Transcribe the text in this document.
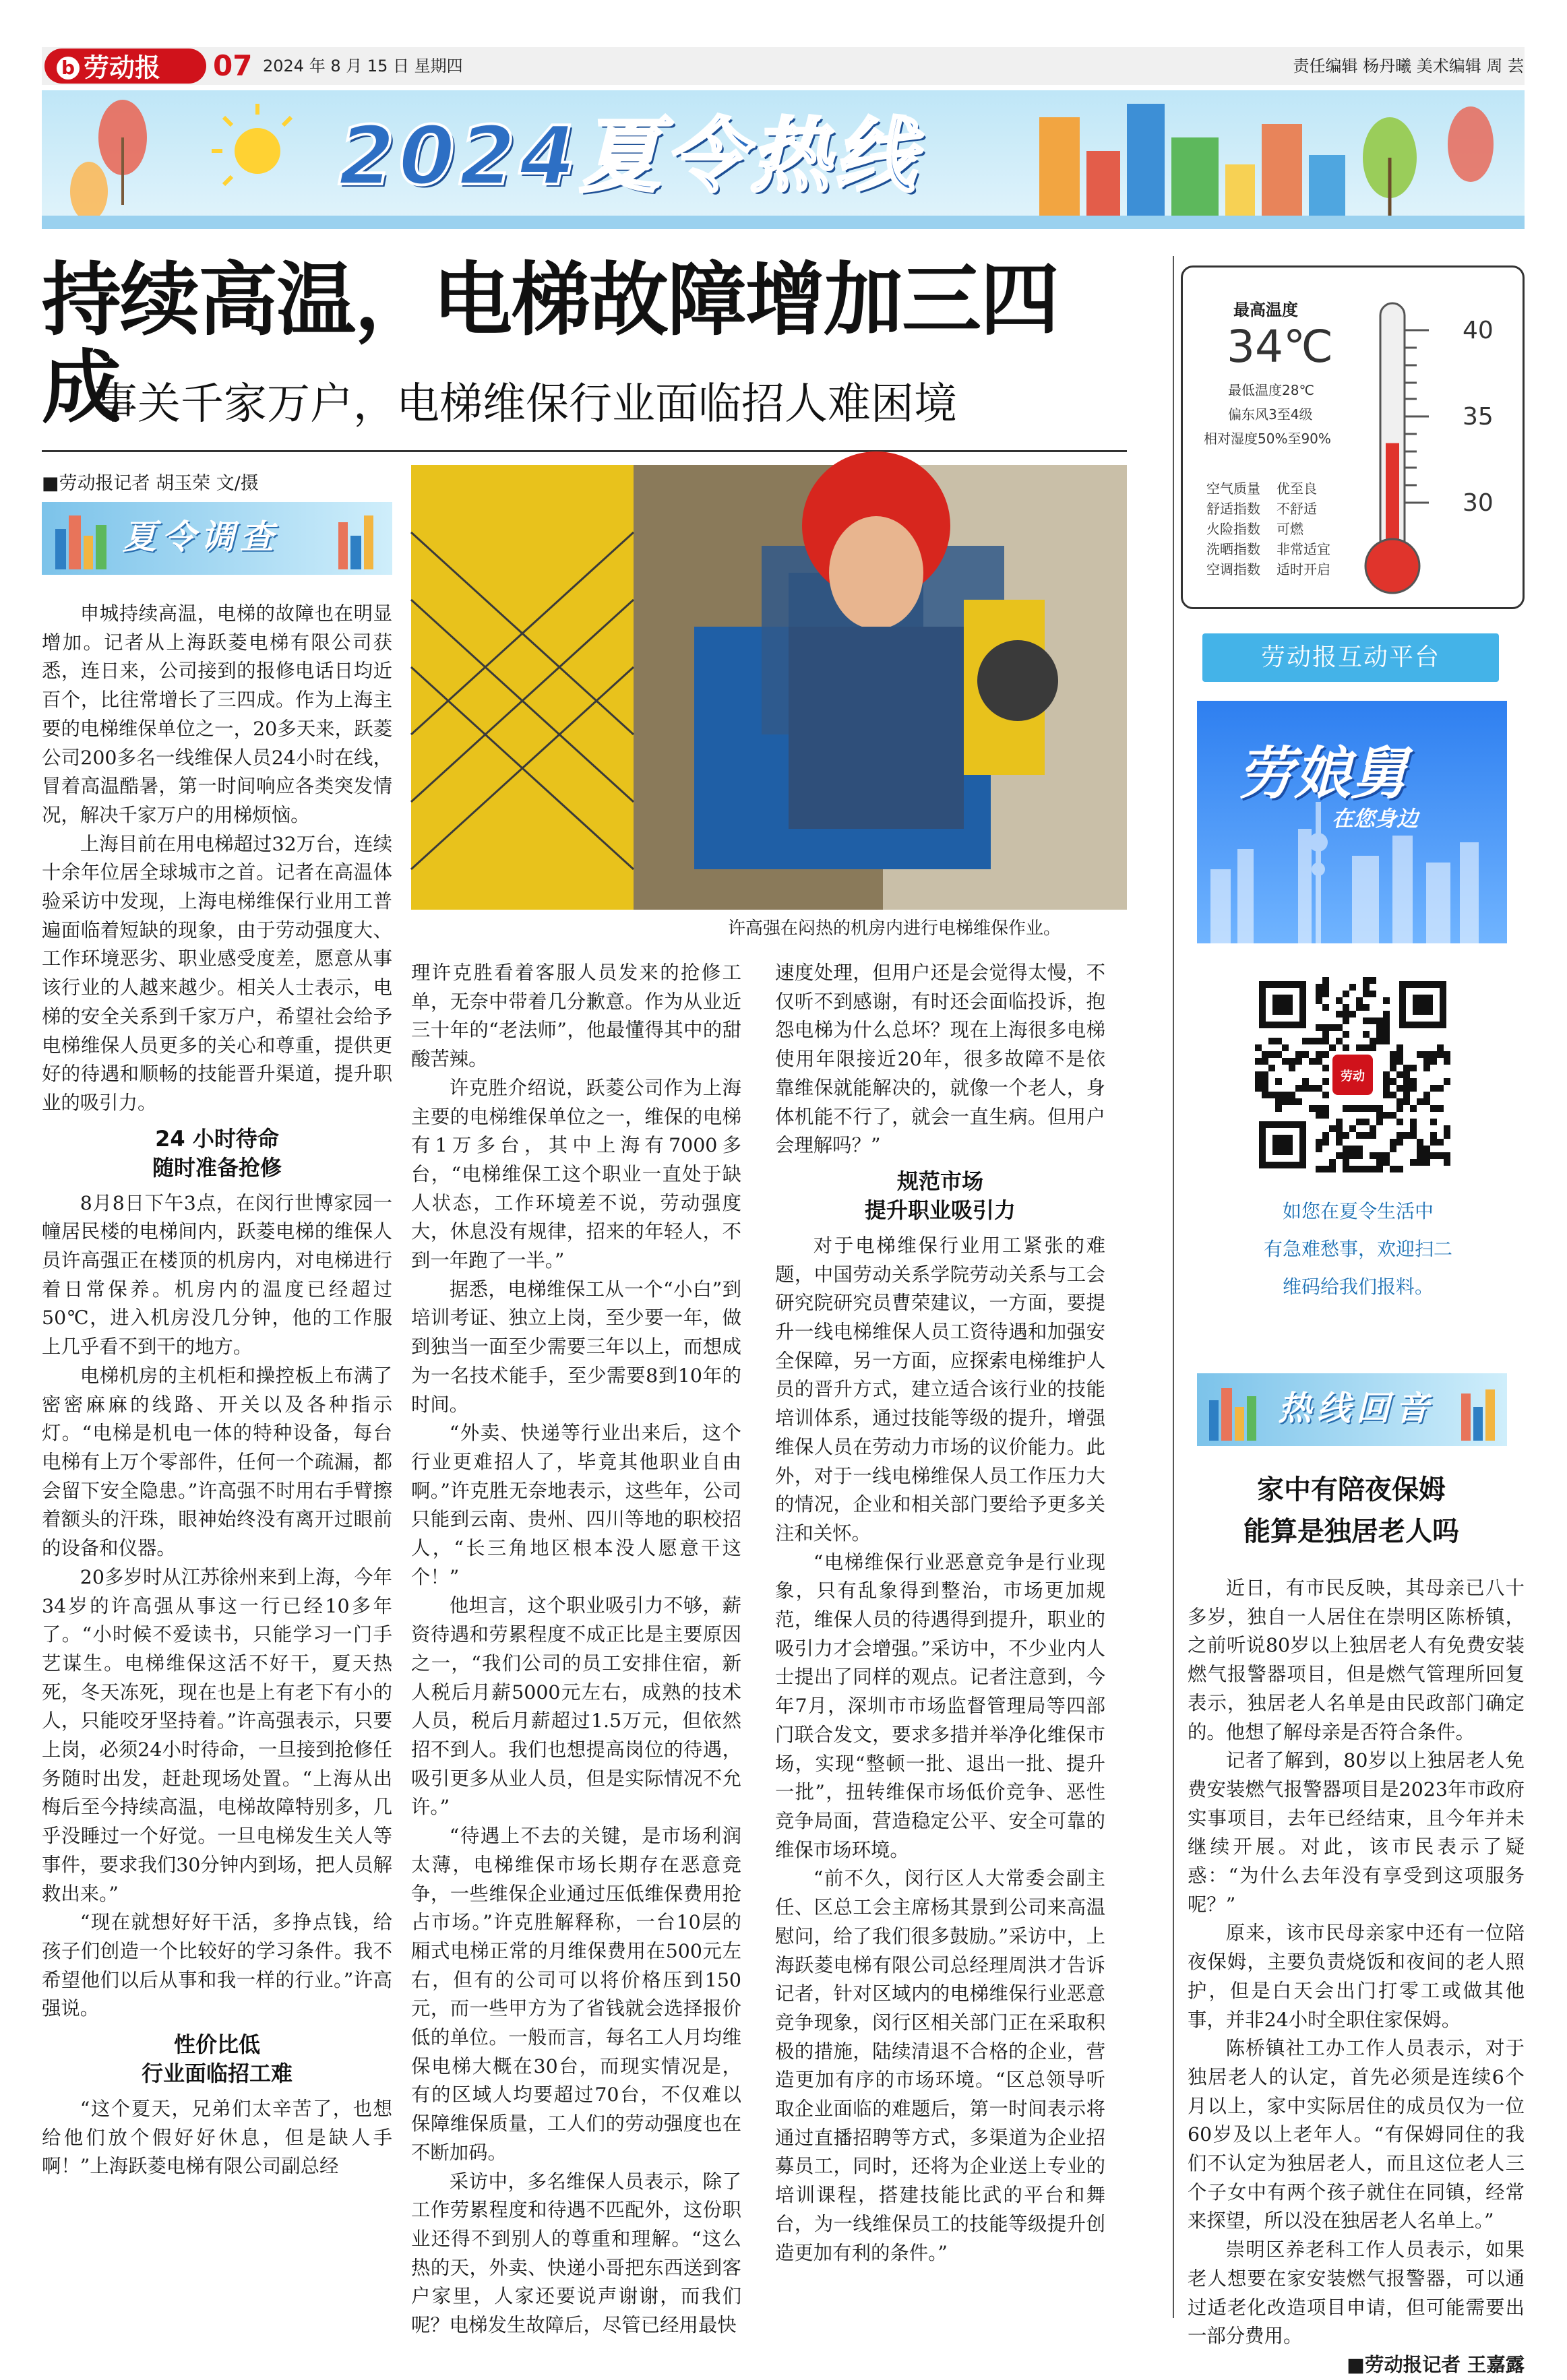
b 劳动报	07 2024 年 8 月 15 日 星期四	责任编辑 杨丹曦 美术编辑 周 芸
2024夏令热线
持续高温，电梯故障增加三四成
事关千家万户，电梯维保行业面临招人难困境
■劳动报记者 胡玉荣 文/摄
夏令调查

申城持续高温，电梯的故障也在明显增加。记者从上海跃菱电梯有限公司获悉，连日来，公司接到的报修电话日均近百个，比往常增长了三四成。作为上海主要的电梯维保单位之一，20多天来，跃菱公司200多名一线维保人员24小时在线，冒着高温酷暑，第一时间响应各类突发情况，解决千家万户的用梯烦恼。

上海目前在用电梯超过32万台，连续十余年位居全球城市之首。记者在高温体验采访中发现，上海电梯维保行业用工普遍面临着短缺的现象，由于劳动强度大、工作环境恶劣、职业感受度差，愿意从事该行业的人越来越少。相关人士表示，电梯的安全关系到千家万户，希望社会给予电梯维保人员更多的关心和尊重，提供更好的待遇和顺畅的技能晋升渠道，提升职业的吸引力。

24 小时待命
随时准备抢修

8月8日下午3点，在闵行世博家园一幢居民楼的电梯间内，跃菱电梯的维保人员许高强正在楼顶的机房内，对电梯进行着日常保养。机房内的温度已经超过50℃，进入机房没几分钟，他的工作服上几乎看不到干的地方。

电梯机房的主机柜和操控板上布满了密密麻麻的线路、开关以及各种指示灯。“电梯是机电一体的特种设备，每台电梯有上万个零部件，任何一个疏漏，都会留下安全隐患。”许高强不时用右手臂擦着额头的汗珠，眼神始终没有离开过眼前的设备和仪器。

20多岁时从江苏徐州来到上海，今年34岁的许高强从事这一行已经10多年了。“小时候不爱读书，只能学习一门手艺谋生。电梯维保这活不好干，夏天热死，冬天冻死，现在也是上有老下有小的人，只能咬牙坚持着。”许高强表示，只要上岗，必须24小时待命，一旦接到抢修任务随时出发，赶赴现场处置。“上海从出梅后至今持续高温，电梯故障特别多，几乎没睡过一个好觉。一旦电梯发生关人等事件，要求我们30分钟内到场，把人员解救出来。”

“现在就想好好干活，多挣点钱，给孩子们创造一个比较好的学习条件。我不希望他们以后从事和我一样的行业。”许高强说。

性价比低
行业面临招工难

“这个夏天，兄弟们太辛苦了，也想给他们放个假好好休息，但是缺人手啊！”上海跃菱电梯有限公司副总经

许高强在闷热的机房内进行电梯维保作业。

理许克胜看着客服人员发来的抢修工单，无奈中带着几分歉意。作为从业近三十年的“老法师”，他最懂得其中的甜酸苦辣。

许克胜介绍说，跃菱公司作为上海主要的电梯维保单位之一，维保的电梯有1万多台，其中上海有7000多台，“电梯维保工这个职业一直处于缺人状态，工作环境差不说，劳动强度大，休息没有规律，招来的年轻人，不到一年跑了一半。”

据悉，电梯维保工从一个“小白”到培训考证、独立上岗，至少要一年，做到独当一面至少需要三年以上，而想成为一名技术能手，至少需要8到10年的时间。

“外卖、快递等行业出来后，这个行业更难招人了，毕竟其他职业自由啊。”许克胜无奈地表示，这些年，公司只能到云南、贵州、四川等地的职校招人，“长三角地区根本没人愿意干这个！”

他坦言，这个职业吸引力不够，薪资待遇和劳累程度不成正比是主要原因之一，“我们公司的员工安排住宿，新人税后月薪5000元左右，成熟的技术人员，税后月薪超过1.5万元，但依然招不到人。我们也想提高岗位的待遇，吸引更多从业人员，但是实际情况不允许。”

“待遇上不去的关键，是市场利润太薄，电梯维保市场长期存在恶意竞争，一些维保企业通过压低维保费用抢占市场。”许克胜解释称，一台10层的厢式电梯正常的月维保费用在500元左右，但有的公司可以将价格压到150元，而一些甲方为了省钱就会选择报价低的单位。一般而言，每名工人月均维保电梯大概在30台，而现实情况是，有的区域人均要超过70台，不仅难以保障维保质量，工人们的劳动强度也在不断加码。

采访中，多名维保人员表示，除了工作劳累程度和待遇不匹配外，这份职业还得不到别人的尊重和理解。“这么热的天，外卖、快递小哥把东西送到客户家里，人家还要说声谢谢，而我们呢？电梯发生故障后，尽管已经用最快

速度处理，但用户还是会觉得太慢，不仅听不到感谢，有时还会面临投诉，抱怨电梯为什么总坏？现在上海很多电梯使用年限接近20年，很多故障不是依靠维保就能解决的，就像一个老人，身体机能不行了，就会一直生病。但用户会理解吗？”

规范市场
提升职业吸引力

对于电梯维保行业用工紧张的难题，中国劳动关系学院劳动关系与工会研究院研究员曹荣建议，一方面，要提升一线电梯维保人员工资待遇和加强安全保障，另一方面，应探索电梯维护人员的晋升方式，建立适合该行业的技能培训体系，通过技能等级的提升，增强维保人员在劳动力市场的议价能力。此外，对于一线电梯维保人员工作压力大的情况，企业和相关部门要给予更多关注和关怀。

“电梯维保行业恶意竞争是行业现象，只有乱象得到整治，市场更加规范，维保人员的待遇得到提升，职业的吸引力才会增强。”采访中，不少业内人士提出了同样的观点。记者注意到，今年7月，深圳市市场监督管理局等四部门联合发文，要求多措并举净化维保市场，实现“整顿一批、退出一批、提升一批”，扭转维保市场低价竞争、恶性竞争局面，营造稳定公平、安全可靠的维保市场环境。

“前不久，闵行区人大常委会副主任、区总工会主席杨其景到公司来高温慰问，给了我们很多鼓励。”采访中，上海跃菱电梯有限公司总经理周洪才告诉记者，针对区域内的电梯维保行业恶意竞争现象，闵行区相关部门正在采取积极的措施，陆续清退不合格的企业，营造更加有序的市场环境。“区总领导听取企业面临的难题后，第一时间表示将通过直播招聘等方式，多渠道为企业招募员工，同时，还将为企业送上专业的培训课程，搭建技能比武的平台和舞台，为一线维保员工的技能等级提升创造更加有利的条件。”

最高温度
34℃
最低温度28℃
偏东风3至4级
相对湿度50%至90%
空气质量 优至良
舒适指数 不舒适
火险指数 可燃
洗晒指数 非常适宜
空调指数 适时开启
40
35
30
劳动报互动平台
劳娘舅
在您身边
劳动
如您在夏令生活中
有急难愁事，欢迎扫二
维码给我们报料。
热线回音
家中有陪夜保姆
能算是独居老人吗

近日，有市民反映，其母亲已八十多岁，独自一人居住在崇明区陈桥镇，之前听说80岁以上独居老人有免费安装燃气报警器项目，但是燃气管理所回复表示，独居老人名单是由民政部门确定的。他想了解母亲是否符合条件。

记者了解到，80岁以上独居老人免费安装燃气报警器项目是2023年市政府实事项目，去年已经结束，且今年并未继续开展。对此，该市民表示了疑惑：“为什么去年没有享受到这项服务呢？”

原来，该市民母亲家中还有一位陪夜保姆，主要负责烧饭和夜间的老人照护，但是白天会出门打零工或做其他事，并非24小时全职住家保姆。

陈桥镇社工办工作人员表示，对于独居老人的认定，首先必须是连续6个月以上，家中实际居住的成员仅为一位60岁及以上老年人。“有保姆同住的我们不认定为独居老人，而且这位老人三个子女中有两个孩子就住在同镇，经常来探望，所以没在独居老人名单上。”

崇明区养老科工作人员表示，如果老人想要在家安装燃气报警器，可以通过适老化改造项目申请，但可能需要出一部分费用。

■劳动报记者 王嘉露
